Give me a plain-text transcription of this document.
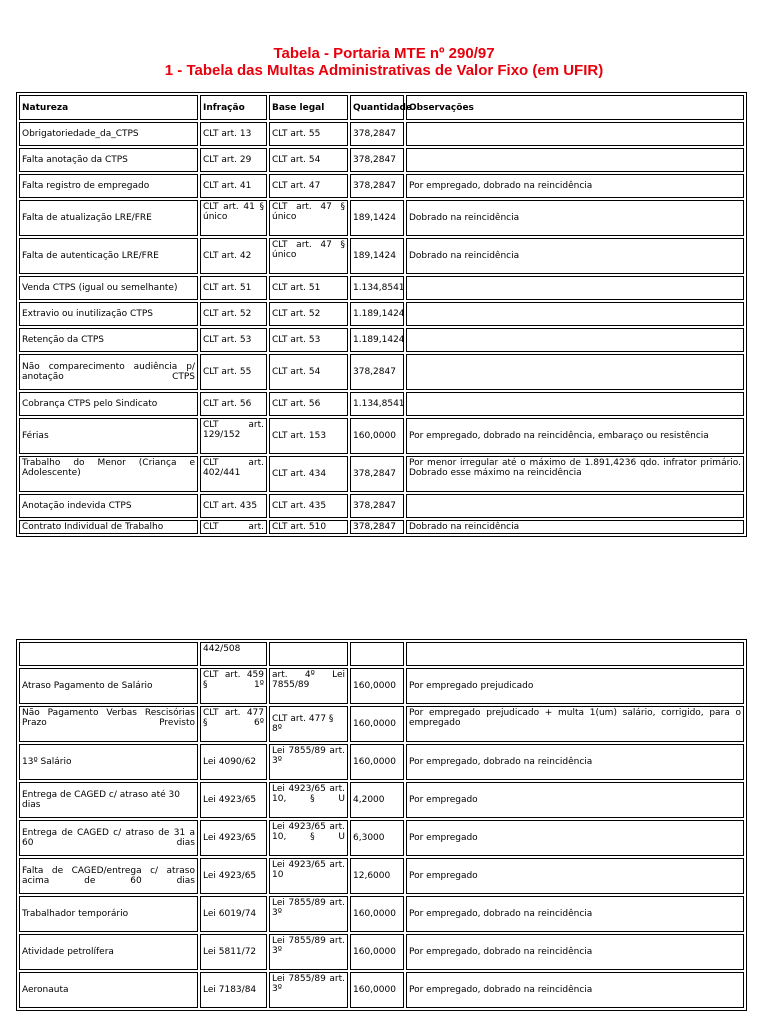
Tabela - Portaria MTE nº 290/97
1 - Tabela das Multas Administrativas de Valor Fixo (em UFIR)
Natureza	Infração	Base legal	Quantidade	Observações
Obrigatoriedade_da_CTPS	CLT art. 13	CLT art. 55	378,2847	
Falta anotação da CTPS	CLT art. 29	CLT art. 54	378,2847	
Falta registro de empregado	CLT art. 41	CLT art. 47	378,2847	Por empregado, dobrado na reincidência
Falta de atualização LRE/FRE	CLT art. 41 § único	CLT art. 47 § único	189,1424	Dobrado na reincidência
Falta de autenticação LRE/FRE	CLT art. 42	CLT art. 47 § único	189,1424	Dobrado na reincidência
Venda CTPS (igual ou semelhante)	CLT art. 51	CLT art. 51	1.134,8541	
Extravio ou inutilização CTPS	CLT art. 52	CLT art. 52	1.189,1424	
Retenção da CTPS	CLT art. 53	CLT art. 53	1.189,1424	
Não comparecimento audiência p/ anotação CTPS	CLT art. 55	CLT art. 54	378,2847	
Cobrança CTPS pelo Sindicato	CLT art. 56	CLT art. 56	1.134,8541	
Férias	CLT art. 129/152	CLT art. 153	160,0000	Por empregado, dobrado na reincidência, embaraço ou resistência
Trabalho do Menor (Criança e Adolescente)	CLT art. 402/441	CLT art. 434	378,2847	Por menor irregular até o máximo de 1.891,4236 qdo. infrator primário. Dobrado esse máximo na reincidência
Anotação indevida CTPS	CLT art. 435	CLT art. 435	378,2847	
Contrato Individual de Trabalho	CLT art.	CLT art. 510	378,2847	Dobrado na reincidência
	442/508			
Atraso Pagamento de Salário	CLT art. 459 § 1º	art. 4º Lei 7855/89	160,0000	Por empregado prejudicado
Não Pagamento Verbas Rescisórias Prazo Previsto	CLT art. 477 § 6º	CLT art. 477 § 8º	160,0000	Por empregado prejudicado + multa 1(um) salário, corrigido, para o empregado
13º Salário	Lei 4090/62	Lei 7855/89 art. 3º	160,0000	Por empregado, dobrado na reincidência
Entrega de CAGED c/ atraso até 30 dias	Lei 4923/65	Lei 4923/65 art. 10, § U	4,2000	Por empregado
Entrega de CAGED c/ atraso de 31 a 60 dias	Lei 4923/65	Lei 4923/65 art. 10, § U	6,3000	Por empregado
Falta de CAGED/entrega c/ atraso acima de 60 dias	Lei 4923/65	Lei 4923/65 art. 10	12,6000	Por empregado
Trabalhador temporário	Lei 6019/74	Lei 7855/89 art. 3º	160,0000	Por empregado, dobrado na reincidência
Atividade petrolífera	Lei 5811/72	Lei 7855/89 art. 3º	160,0000	Por empregado, dobrado na reincidência
Aeronauta	Lei 7183/84	Lei 7855/89 art. 3º	160,0000	Por empregado, dobrado na reincidência
